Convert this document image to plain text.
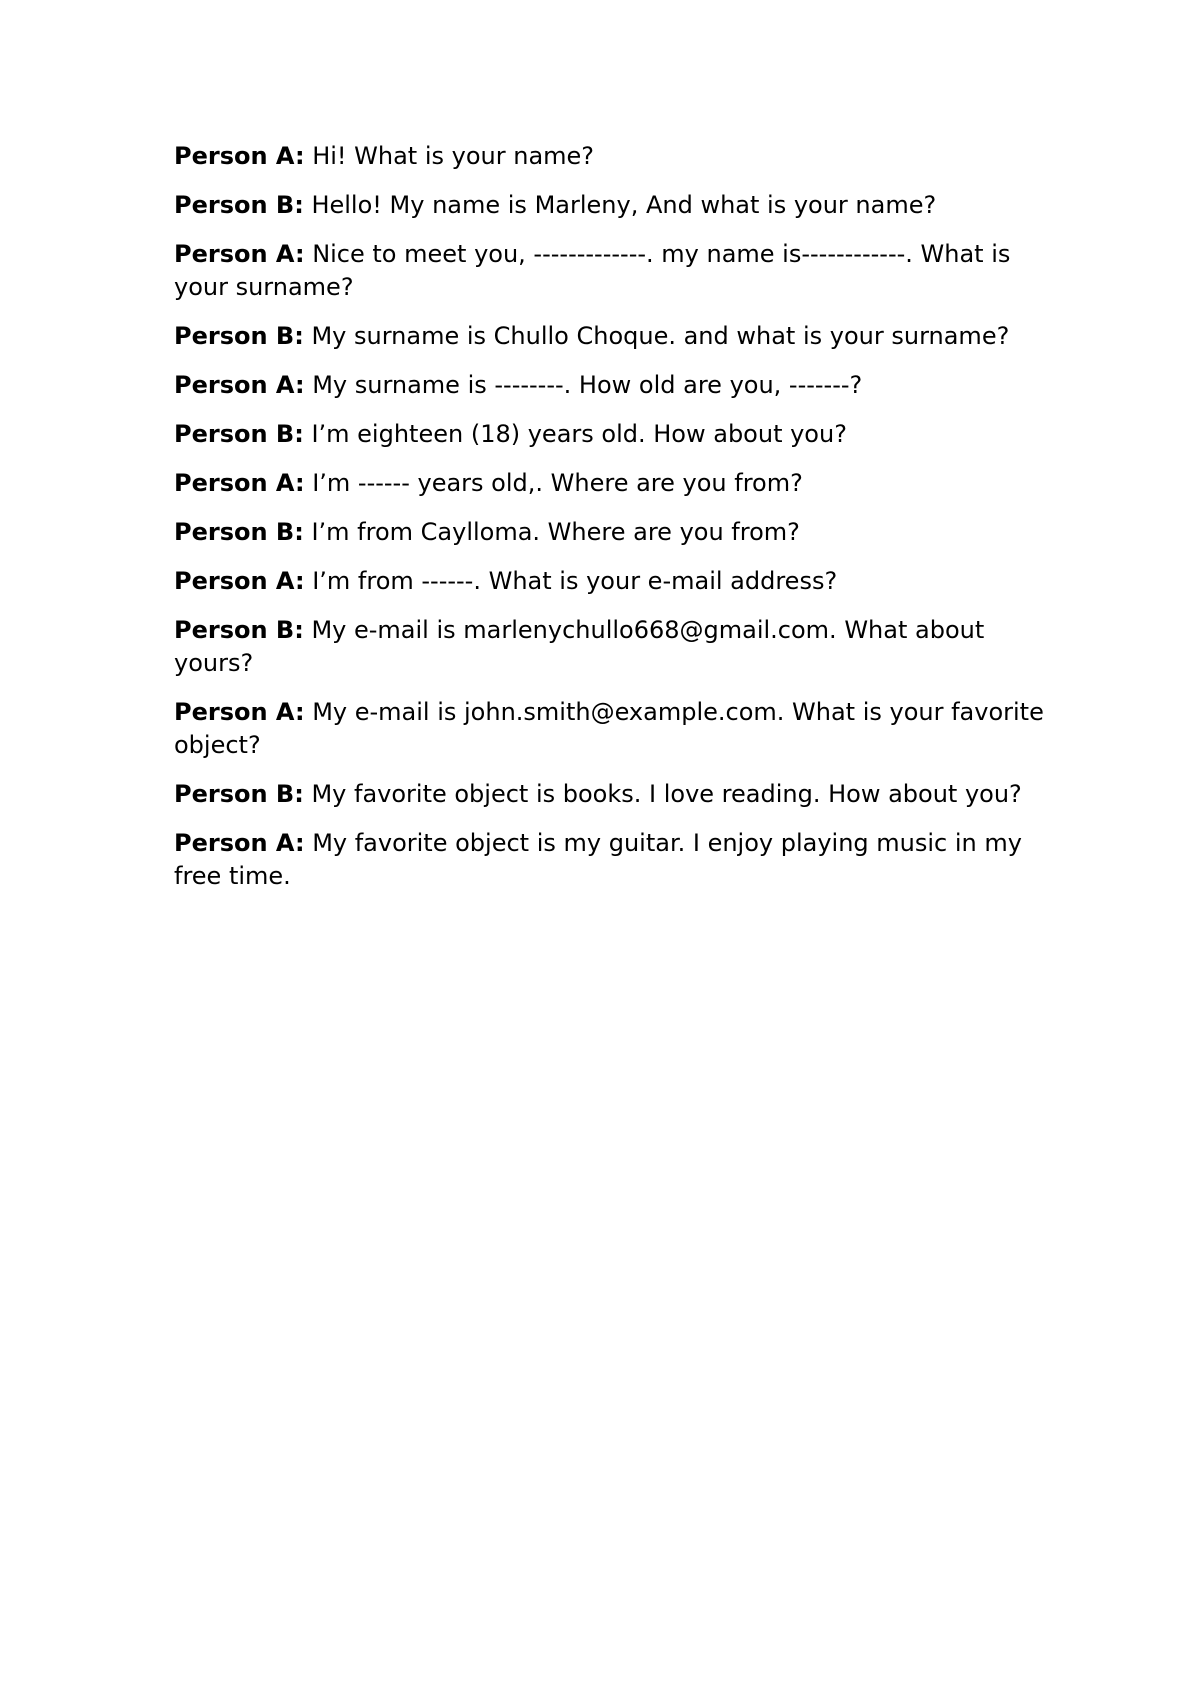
Person A: Hi! What is your name?

Person B: Hello! My name is Marleny, And what is your name?

Person A: Nice to meet you, -------------. my name is------------. What is your surname?

Person B: My surname is Chullo Choque. and what is your surname?

Person A: My surname is --------. How old are you, -------?

Person B: I’m eighteen (18) years old. How about you?

Person A: I’m ------ years old,. Where are you from?

Person B: I’m from Caylloma. Where are you from?

Person A: I’m from ------. What is your e-mail address?

Person B: My e-mail is marlenychullo668@gmail.com. What about yours?

Person A: My e-mail is john.smith@example.com. What is your favorite object?

Person B: My favorite object is books. I love reading. How about you?

Person A: My favorite object is my guitar. I enjoy playing music in my free time.
